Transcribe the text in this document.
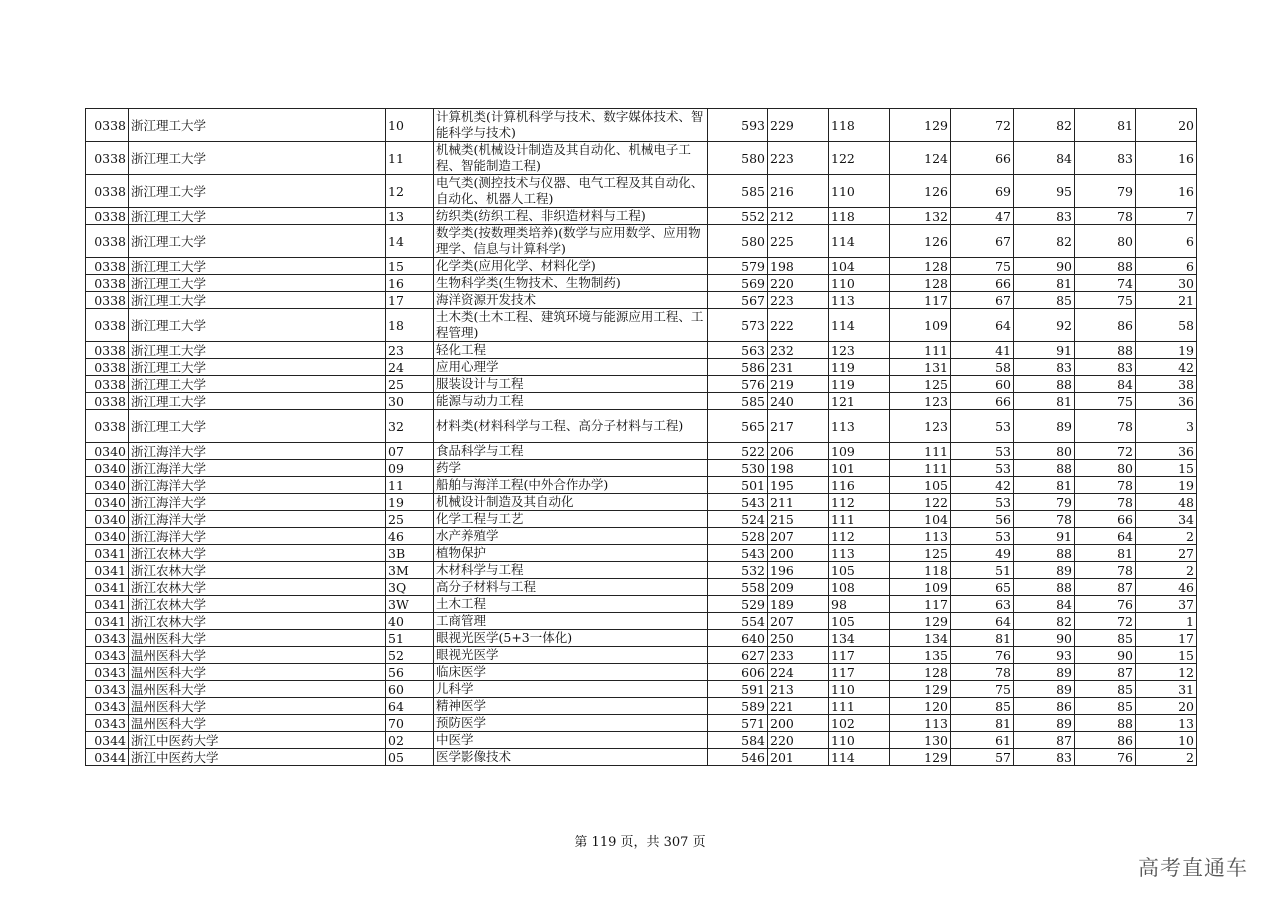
0338	浙江理工大学	10	计算机类(计算机科学与技术、数字媒体技术、智能科学与技术)	593	229	118	129	72	82	81	20
0338	浙江理工大学	11	机械类(机械设计制造及其自动化、机械电子工程、智能制造工程)	580	223	122	124	66	84	83	16
0338	浙江理工大学	12	电气类(测控技术与仪器、电气工程及其自动化、自动化、机器人工程)	585	216	110	126	69	95	79	16
0338	浙江理工大学	13	纺织类(纺织工程、非织造材料与工程)	552	212	118	132	47	83	78	7
0338	浙江理工大学	14	数学类(按数理类培养)(数学与应用数学、应用物理学、信息与计算科学)	580	225	114	126	67	82	80	6
0338	浙江理工大学	15	化学类(应用化学、材料化学)	579	198	104	128	75	90	88	6
0338	浙江理工大学	16	生物科学类(生物技术、生物制药)	569	220	110	128	66	81	74	30
0338	浙江理工大学	17	海洋资源开发技术	567	223	113	117	67	85	75	21
0338	浙江理工大学	18	土木类(土木工程、建筑环境与能源应用工程、工程管理)	573	222	114	109	64	92	86	58
0338	浙江理工大学	23	轻化工程	563	232	123	111	41	91	88	19
0338	浙江理工大学	24	应用心理学	586	231	119	131	58	83	83	42
0338	浙江理工大学	25	服装设计与工程	576	219	119	125	60	88	84	38
0338	浙江理工大学	30	能源与动力工程	585	240	121	123	66	81	75	36
0338	浙江理工大学	32	材料类(材料科学与工程、高分子材料与工程)	565	217	113	123	53	89	78	3
0340	浙江海洋大学	07	食品科学与工程	522	206	109	111	53	80	72	36
0340	浙江海洋大学	09	药学	530	198	101	111	53	88	80	15
0340	浙江海洋大学	11	船舶与海洋工程(中外合作办学)	501	195	116	105	42	81	78	19
0340	浙江海洋大学	19	机械设计制造及其自动化	543	211	112	122	53	79	78	48
0340	浙江海洋大学	25	化学工程与工艺	524	215	111	104	56	78	66	34
0340	浙江海洋大学	46	水产养殖学	528	207	112	113	53	91	64	2
0341	浙江农林大学	3B	植物保护	543	200	113	125	49	88	81	27
0341	浙江农林大学	3M	木材科学与工程	532	196	105	118	51	89	78	2
0341	浙江农林大学	3Q	高分子材料与工程	558	209	108	109	65	88	87	46
0341	浙江农林大学	3W	土木工程	529	189	98	117	63	84	76	37
0341	浙江农林大学	40	工商管理	554	207	105	129	64	82	72	1
0343	温州医科大学	51	眼视光医学(5+3一体化)	640	250	134	134	81	90	85	17
0343	温州医科大学	52	眼视光医学	627	233	117	135	76	93	90	15
0343	温州医科大学	56	临床医学	606	224	117	128	78	89	87	12
0343	温州医科大学	60	儿科学	591	213	110	129	75	89	85	31
0343	温州医科大学	64	精神医学	589	221	111	120	85	86	85	20
0343	温州医科大学	70	预防医学	571	200	102	113	81	89	88	13
0344	浙江中医药大学	02	中医学	584	220	110	130	61	87	86	10
0344	浙江中医药大学	05	医学影像技术	546	201	114	129	57	83	76	2
第 119 页，共 307 页
高考直通车
